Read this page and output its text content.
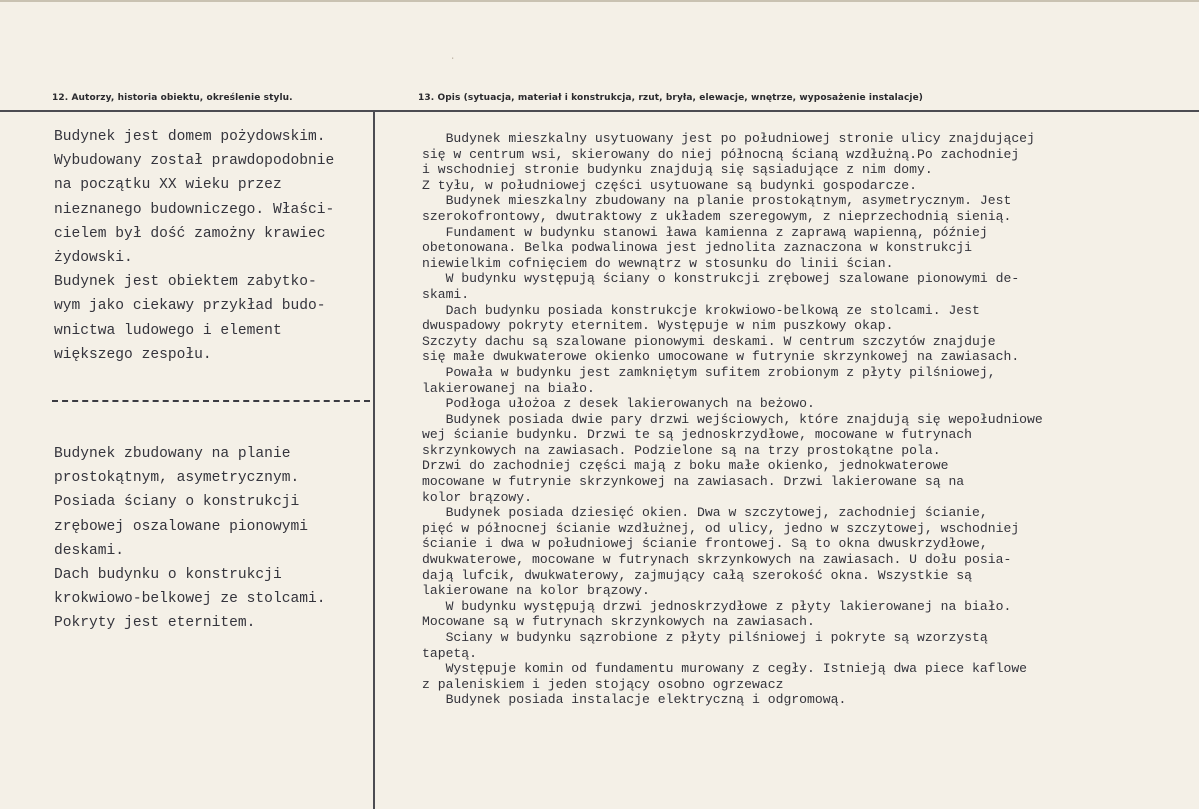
⋅
12. Autorzy, historia obiektu, określenie stylu.	13. Opis (sytuacja, materiał i konstrukcja, rzut, bryła, elewacje, wnętrze, wyposażenie instalacje)
Budynek jest domem pożydowskim.
Wybudowany został prawdopodobnie
na początku XX wieku przez
nieznanego budowniczego. Właści-
cielem był dość zamożny krawiec
żydowski.
Budynek jest obiektem zabytko-
wym jako ciekawy przykład budo-
wnictwa ludowego i element
większego zespołu.
Budynek zbudowany na planie
prostokątnym, asymetrycznym.
Posiada ściany o konstrukcji
zrębowej oszalowane pionowymi
deskami.
Dach budynku o konstrukcji
krokwiowo-belkowej ze stolcami.
Pokryty jest eternitem.
Budynek mieszkalny usytuowany jest po południowej stronie ulicy znajdującej
się w centrum wsi, skierowany do niej północną ścianą wzdłużną.Po zachodniej
i wschodniej stronie budynku znajdują się sąsiadujące z nim domy.
Z tyłu, w południowej części usytuowane są budynki gospodarcze.
Budynek mieszkalny zbudowany na planie prostokątnym, asymetrycznym. Jest
szerokofrontowy, dwutraktowy z układem szeregowym, z nieprzechodnią sienią.
Fundament w budynku stanowi ława kamienna z zaprawą wapienną, później
obetonowana. Belka podwalinowa jest jednolita zaznaczona w konstrukcji
niewielkim cofnięciem do wewnątrz w stosunku do linii ścian.
W budynku występują ściany o konstrukcji zrębowej szalowane pionowymi de-
skami.
Dach budynku posiada konstrukcje krokwiowo-belkową ze stolcami. Jest
dwuspadowy pokryty eternitem. Występuje w nim puszkowy okap.
Szczyty dachu są szalowane pionowymi deskami. W centrum szczytów znajduje
się małe dwukwaterowe okienko umocowane w futrynie skrzynkowej na zawiasach.
Powała w budynku jest zamkniętym sufitem zrobionym z płyty pilśniowej,
lakierowanej na biało.
Podłoga ułożoa z desek lakierowanych na beżowo.
Budynek posiada dwie pary drzwi wejściowych, które znajdują się wepołudniowe
wej ścianie budynku. Drzwi te są jednoskrzydłowe, mocowane w futrynach
skrzynkowych na zawiasach. Podzielone są na trzy prostokątne pola.
Drzwi do zachodniej części mają z boku małe okienko, jednokwaterowe
mocowane w futrynie skrzynkowej na zawiasach. Drzwi lakierowane są na
kolor brązowy.
Budynek posiada dziesięć okien. Dwa w szczytowej, zachodniej ścianie,
pięć w północnej ścianie wzdłużnej, od ulicy, jedno w szczytowej, wschodniej
ścianie i dwa w południowej ścianie frontowej. Są to okna dwuskrzydłowe,
dwukwaterowe, mocowane w futrynach skrzynkowych na zawiasach. U dołu posia-
dają lufcik, dwukwaterowy, zajmujący całą szerokość okna. Wszystkie są
lakierowane na kolor brązowy.
W budynku występują drzwi jednoskrzydłowe z płyty lakierowanej na biało.
Mocowane są w futrynach skrzynkowych na zawiasach.
Sciany w budynku sązrobione z płyty pilśniowej i pokryte są wzorzystą
tapetą.
Występuje komin od fundamentu murowany z cegły. Istnieją dwa piece kaflowe
z paleniskiem i jeden stojący osobno ogrzewacz
Budynek posiada instalacje elektryczną i odgromową.
